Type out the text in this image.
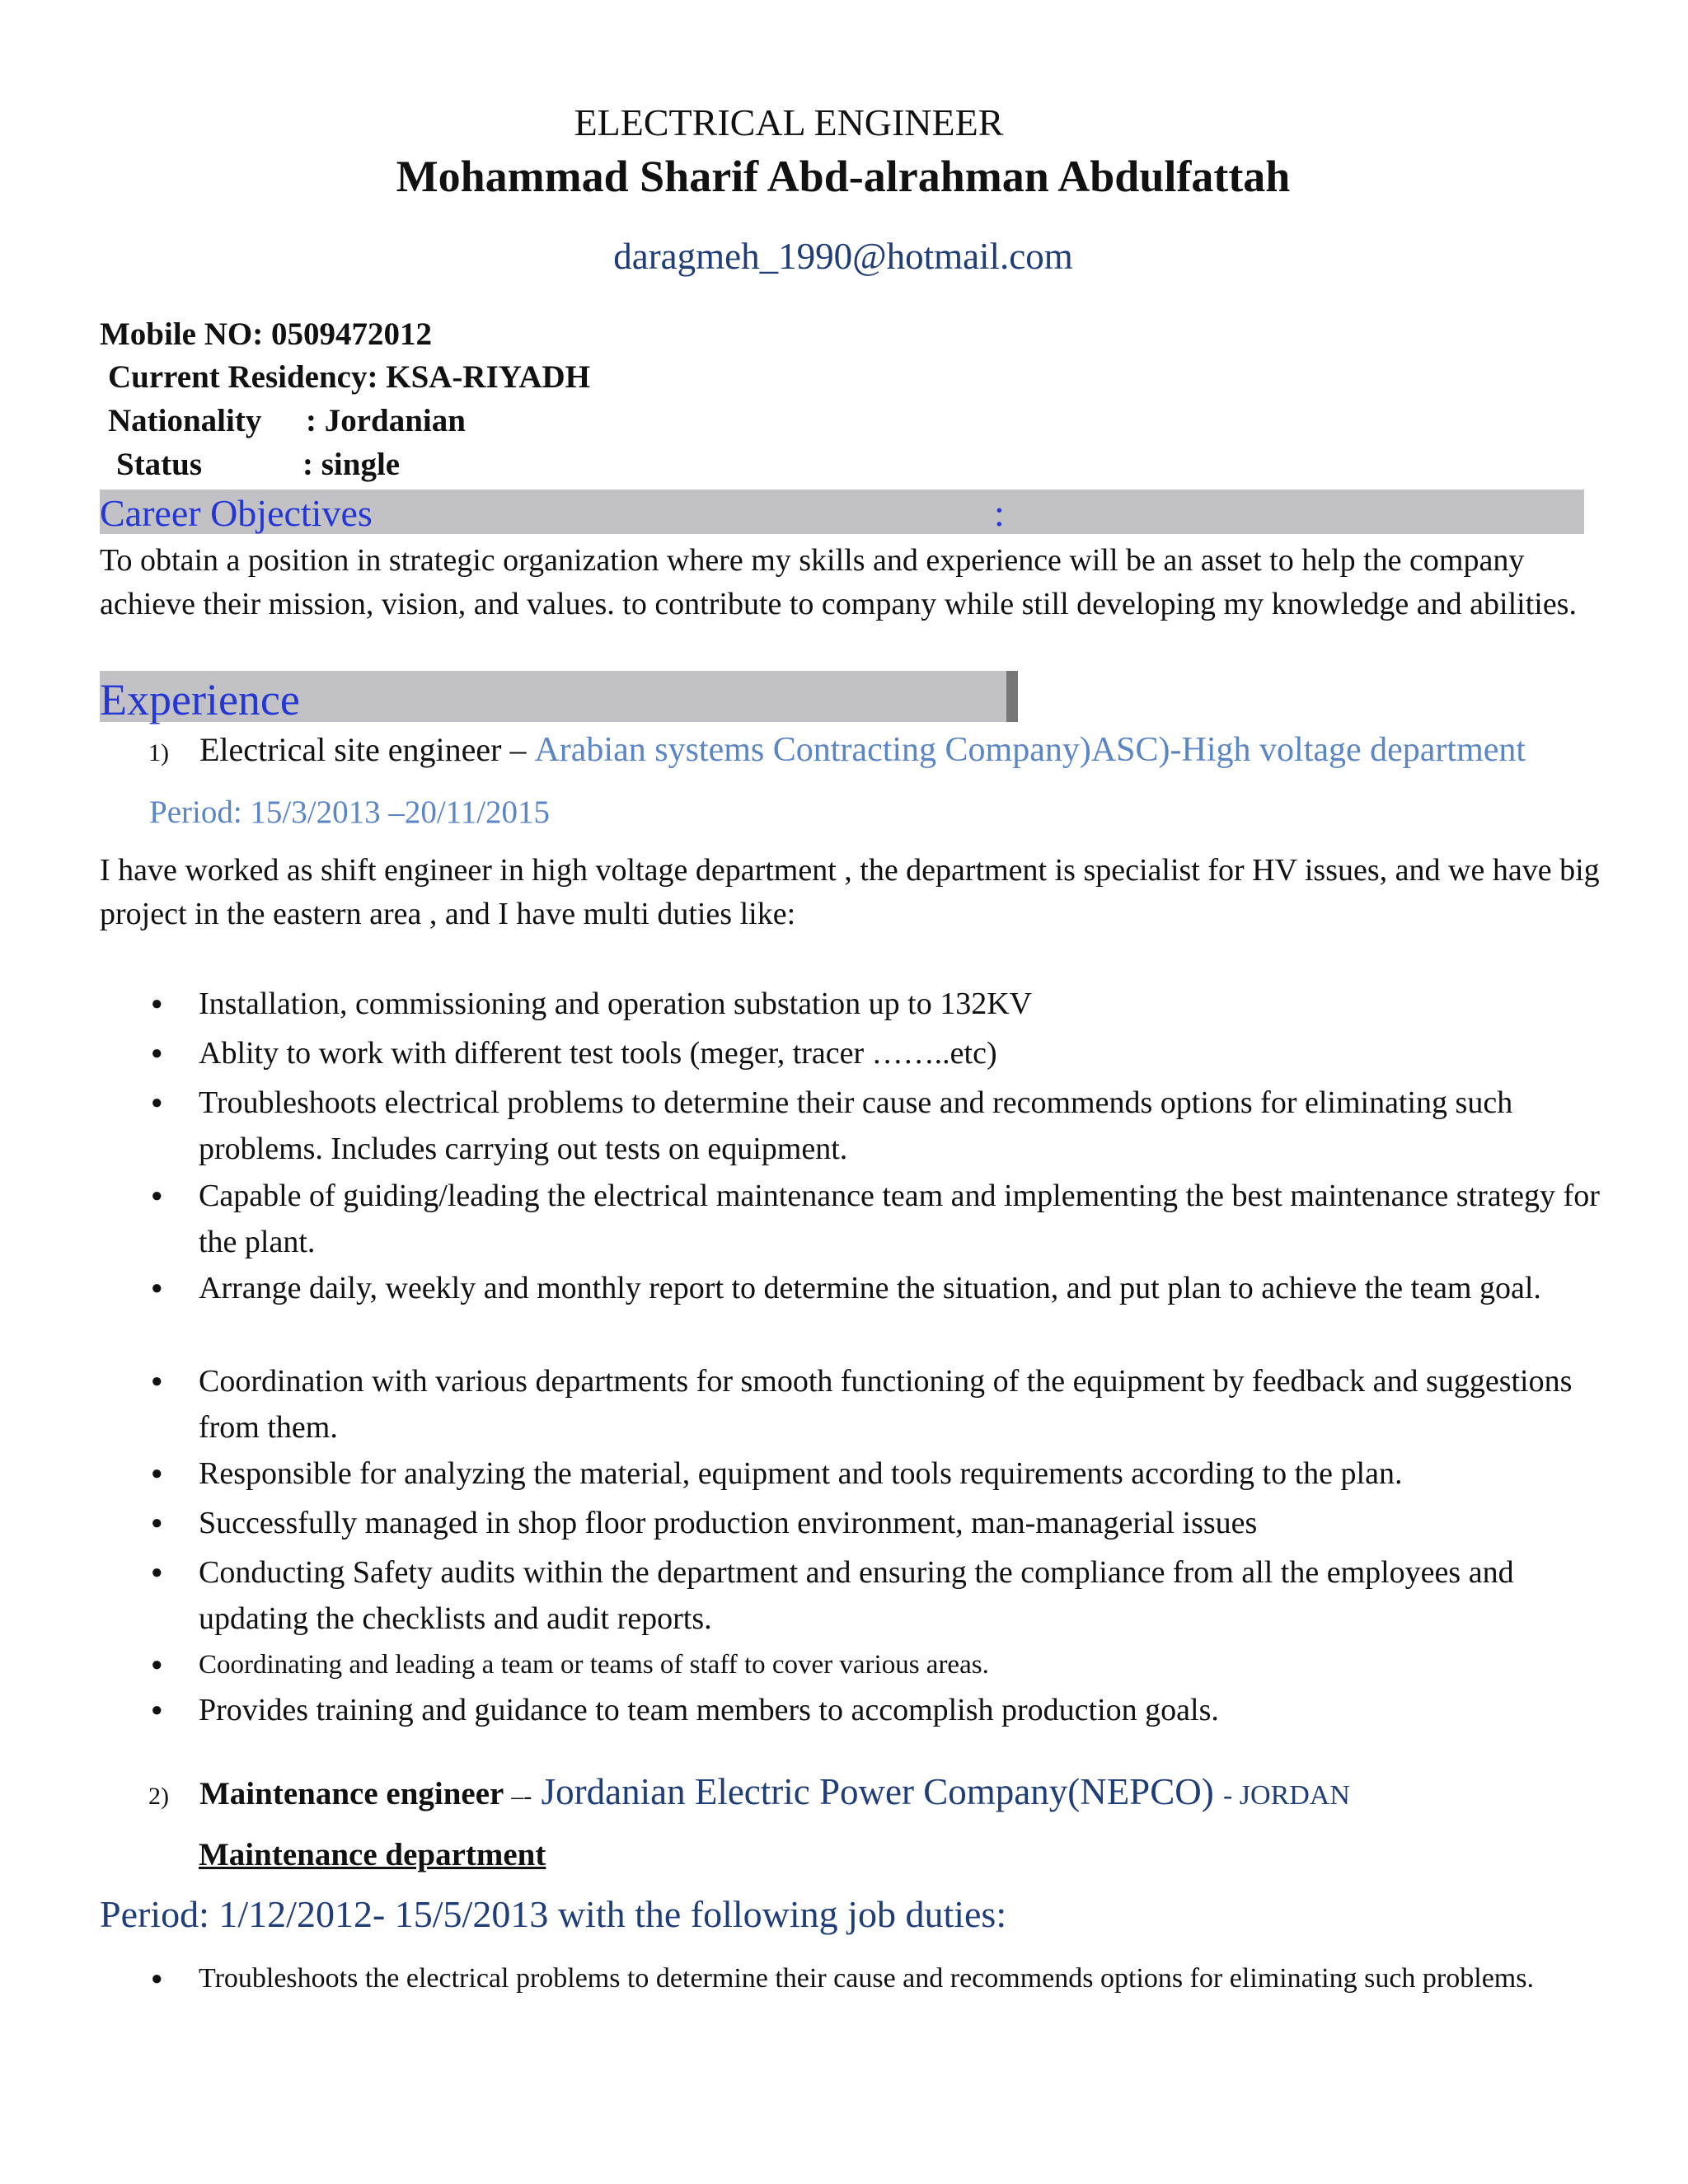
ELECTRICAL ENGINEER
Mohammad Sharif Abd-alrahman Abdulfattah
daragmeh_1990@hotmail.com
Mobile NO: 0509472012
Current Residency: KSA-RIYADH
Nationality : Jordanian
Status	: single
Career Objectives	:
To obtain a position in strategic organization where my skills and experience will be an asset to help the company achieve their mission, vision, and values. to contribute to company while still developing my knowledge and abilities.
Experience
1) Electrical site engineer – Arabian systems Contracting Company)ASC)-High voltage department
Period: 15/3/2013 –20/11/2015
I have worked as shift engineer in high voltage department , the department is specialist for HV issues, and we have big project in the eastern area , and I have multi duties like:
● Installation, commissioning and operation substation up to 132KV
● Ablity to work with different test tools (meger, tracer ……..etc)
● Troubleshoots electrical problems to determine their cause and recommends options for eliminating such problems. Includes carrying out tests on equipment.
● Capable of guiding/leading the electrical maintenance team and implementing the best maintenance strategy for the plant.
● Arrange daily, weekly and monthly report to determine the situation, and put plan to achieve the team goal.
● Coordination with various departments for smooth functioning of the equipment by feedback and suggestions from them.
● Responsible for analyzing the material, equipment and tools requirements according to the plan.
● Successfully managed in shop floor production environment, man-managerial issues
● Conducting Safety audits within the department and ensuring the compliance from all the employees and updating the checklists and audit reports.
● Coordinating and leading a team or teams of staff to cover various areas.
● Provides training and guidance to team members to accomplish production goals.
2) Maintenance engineer –- Jordanian Electric Power Company(NEPCO) - JORDAN
Maintenance department
Period: 1/12/2012- 15/5/2013 with the following job duties:
● Troubleshoots the electrical problems to determine their cause and recommends options for eliminating such problems.
